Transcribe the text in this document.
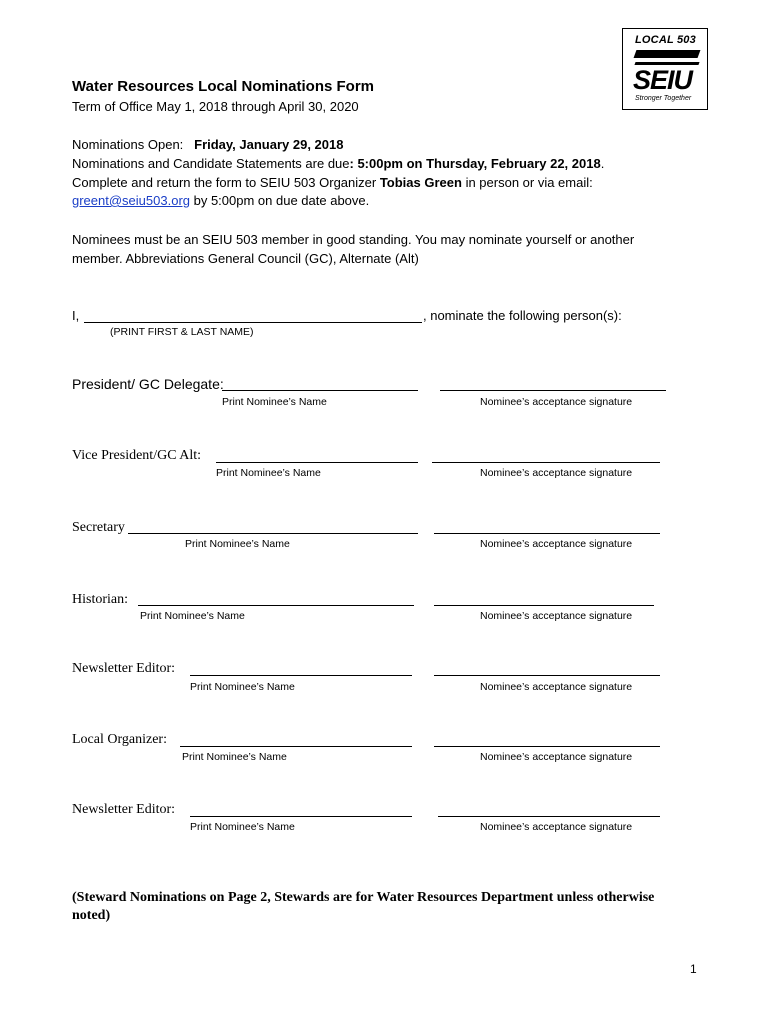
LOCAL 503
SEIU
Stronger Together
Water Resources Local Nominations Form
Term of Office May 1, 2018 through April 30, 2020
Nominations Open: Friday, January 29, 2018
Nominations and Candidate Statements are due: 5:00pm on Thursday, February 22, 2018.
Complete and return the form to SEIU 503 Organizer Tobias Green in person or via email:
greent@seiu503.org by 5:00pm on due date above.
Nominees must be an SEIU 503 member in good standing. You may nominate yourself or another
member. Abbreviations General Council (GC), Alternate (Alt)
I,	, nominate the following person(s):
(PRINT FIRST & LAST NAME)
President/ GC Delegate:
Print Nominee’s Name	Nominee’s acceptance signature
Vice President/GC Alt:
Print Nominee’s Name	Nominee’s acceptance signature
Secretary
Print Nominee’s Name	Nominee’s acceptance signature
Historian:
Print Nominee’s Name	Nominee’s acceptance signature
Newsletter Editor:
Print Nominee’s Name	Nominee’s acceptance signature
Local Organizer:
Print Nominee’s Name	Nominee’s acceptance signature
Newsletter Editor:
Print Nominee’s Name	Nominee’s acceptance signature
(Steward Nominations on Page 2, Stewards are for Water Resources Department unless otherwise noted)
1
